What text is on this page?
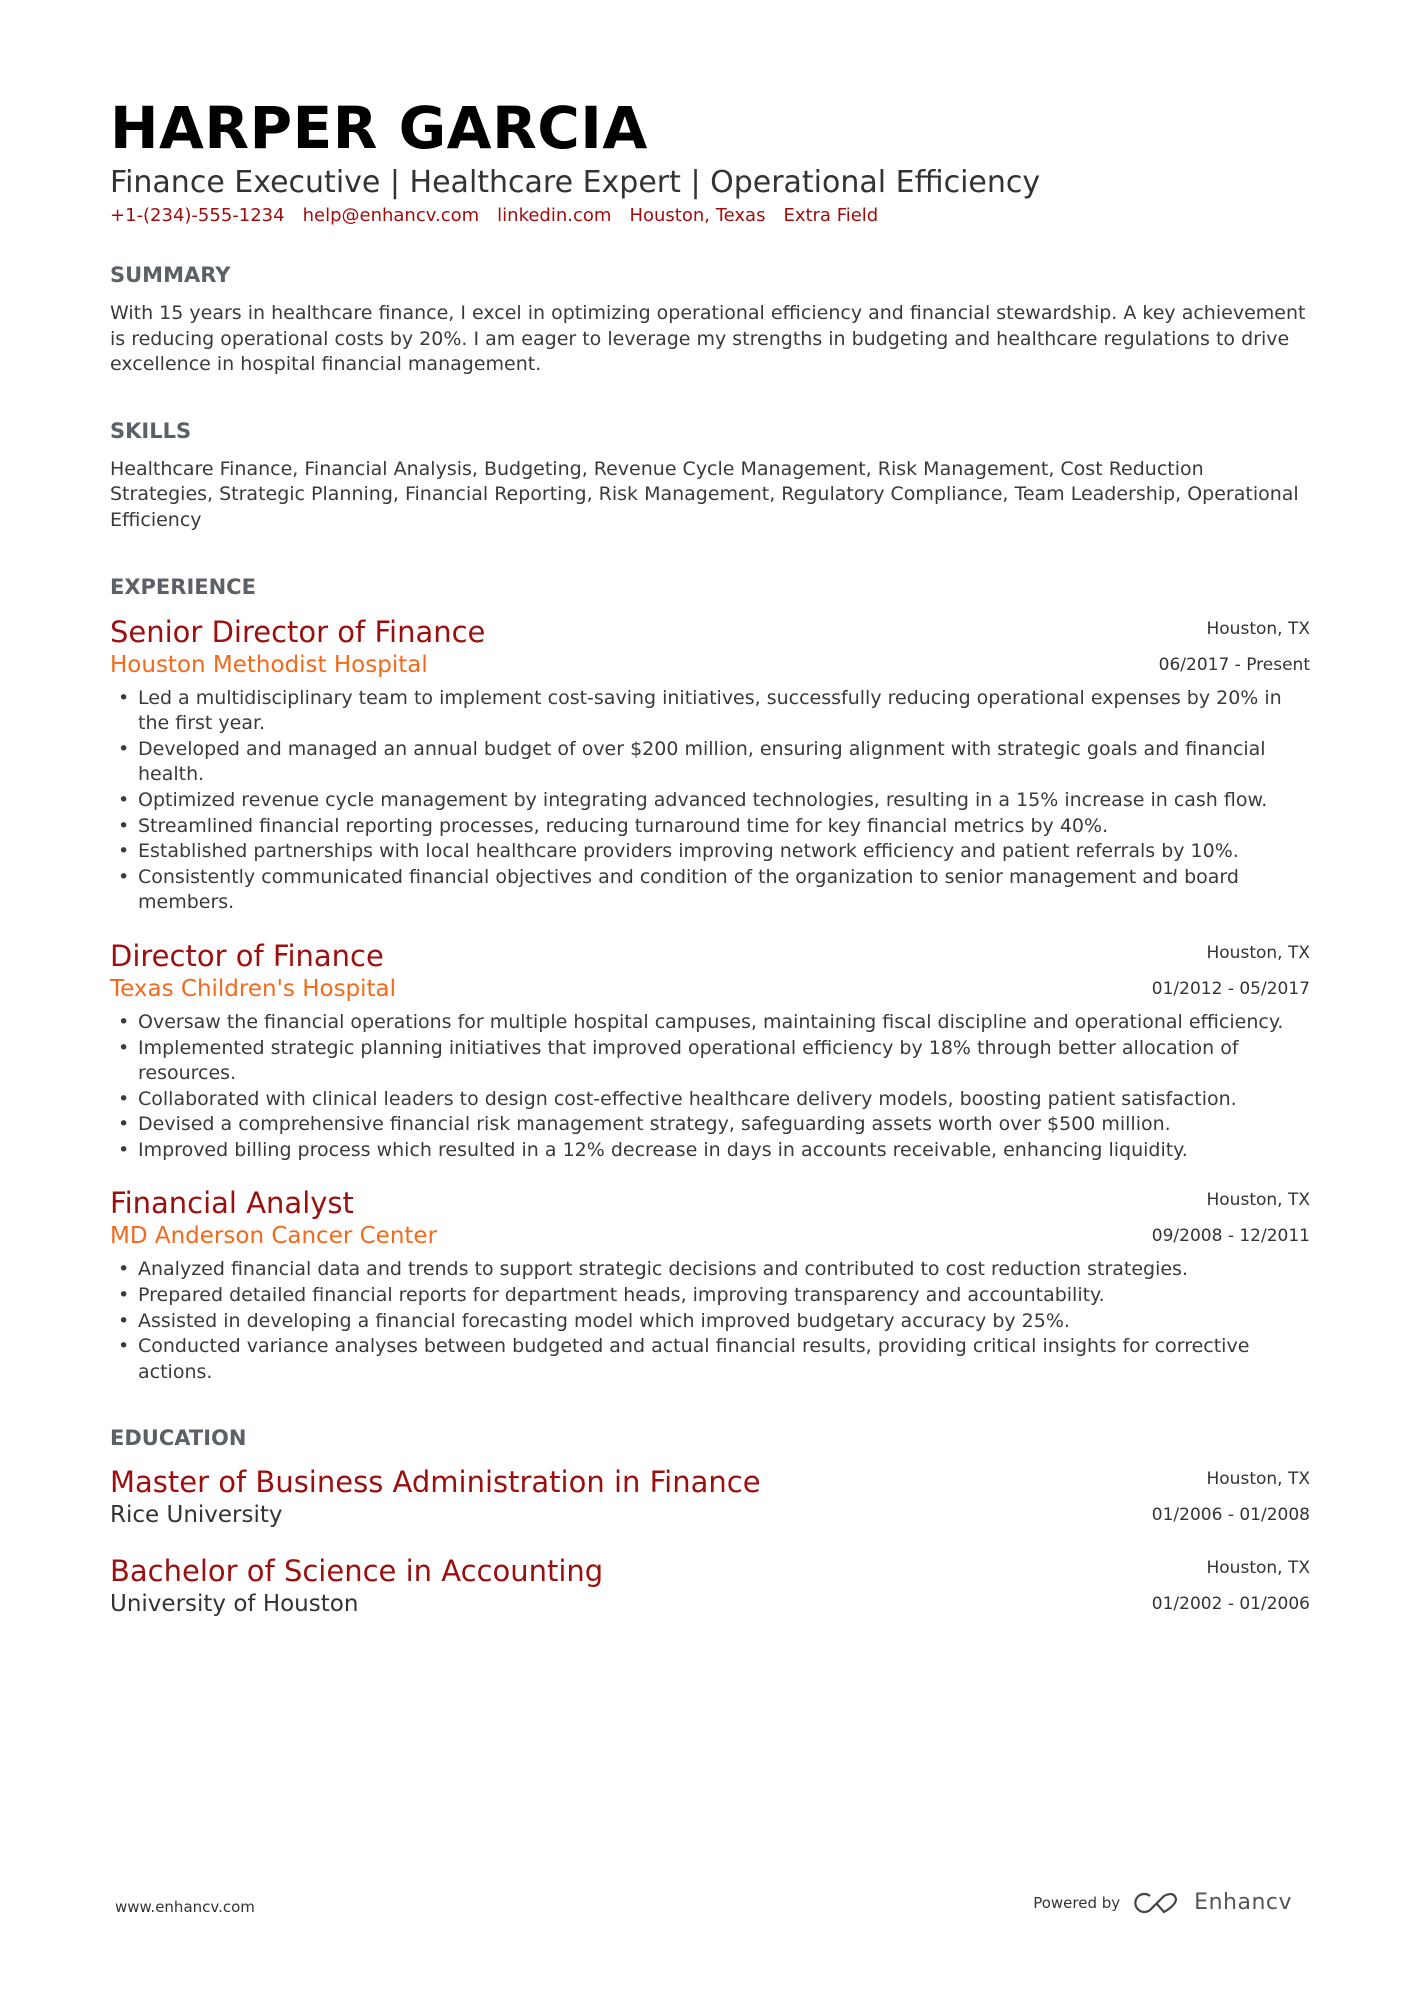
HARPER GARCIA
Finance Executive | Healthcare Expert | Operational Efficiency
+1-(234)-555-1234 help@enhancv.com linkedin.com Houston, Texas Extra Field
SUMMARY
With 15 years in healthcare finance, I excel in optimizing operational efficiency and financial stewardship. A key achievement is reducing operational costs by 20%. I am eager to leverage my strengths in budgeting and healthcare regulations to drive excellence in hospital financial management.
SKILLS
Healthcare Finance, Financial Analysis, Budgeting, Revenue Cycle Management, Risk Management, Cost Reduction Strategies, Strategic Planning, Financial Reporting, Risk Management, Regulatory Compliance, Team Leadership, Operational Efficiency
EXPERIENCE
Senior Director of Finance
Houston Methodist Hospital
Houston, TX
06/2017 - Present
• Led a multidisciplinary team to implement cost-saving initiatives, successfully reducing operational expenses by 20% in the first year.
• Developed and managed an annual budget of over $200 million, ensuring alignment with strategic goals and financial health.
• Optimized revenue cycle management by integrating advanced technologies, resulting in a 15% increase in cash flow.
• Streamlined financial reporting processes, reducing turnaround time for key financial metrics by 40%.
• Established partnerships with local healthcare providers improving network efficiency and patient referrals by 10%.
• Consistently communicated financial objectives and condition of the organization to senior management and board members.
Director of Finance
Texas Children's Hospital
Houston, TX
01/2012 - 05/2017
• Oversaw the financial operations for multiple hospital campuses, maintaining fiscal discipline and operational efficiency.
• Implemented strategic planning initiatives that improved operational efficiency by 18% through better allocation of resources.
• Collaborated with clinical leaders to design cost-effective healthcare delivery models, boosting patient satisfaction.
• Devised a comprehensive financial risk management strategy, safeguarding assets worth over $500 million.
• Improved billing process which resulted in a 12% decrease in days in accounts receivable, enhancing liquidity.
Financial Analyst
MD Anderson Cancer Center
Houston, TX
09/2008 - 12/2011
• Analyzed financial data and trends to support strategic decisions and contributed to cost reduction strategies.
• Prepared detailed financial reports for department heads, improving transparency and accountability.
• Assisted in developing a financial forecasting model which improved budgetary accuracy by 25%.
• Conducted variance analyses between budgeted and actual financial results, providing critical insights for corrective actions.
EDUCATION
Master of Business Administration in Finance
Rice University
Houston, TX
01/2006 - 01/2008
Bachelor of Science in Accounting
University of Houston
Houston, TX
01/2002 - 01/2006
www.enhancv.com	Powered by	Enhancv
